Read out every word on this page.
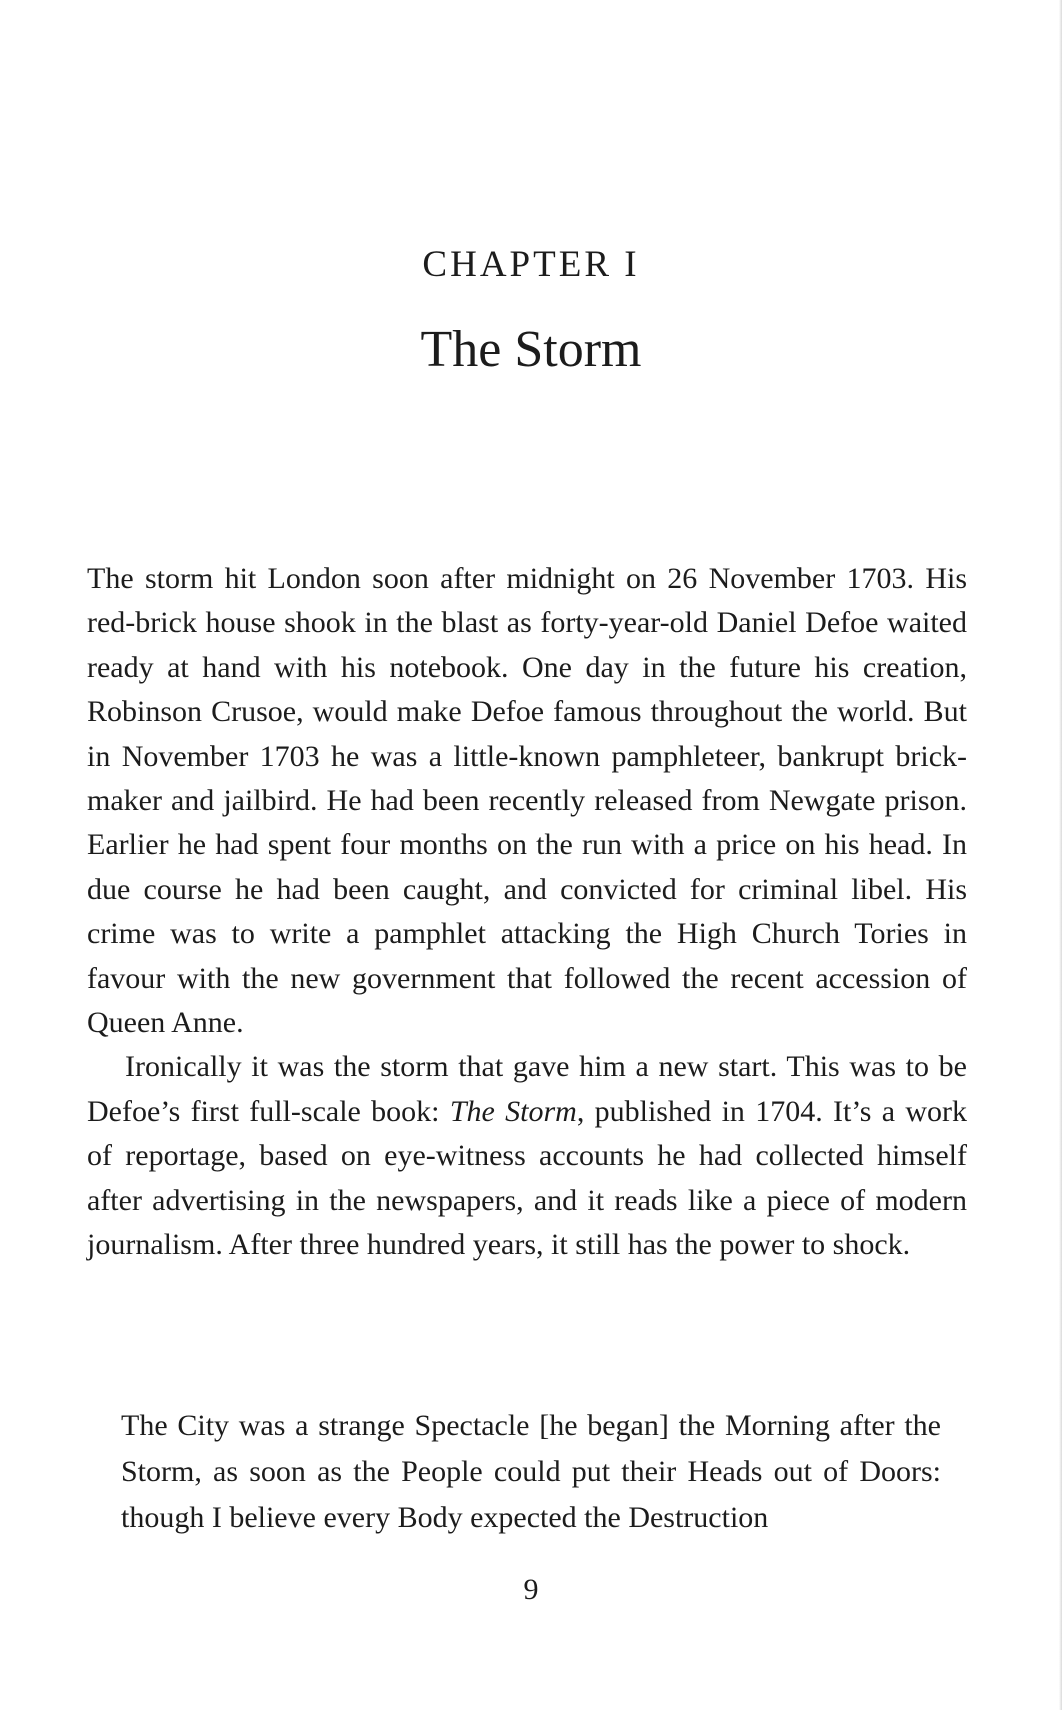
CHAPTER I
The Storm

The storm hit London soon after midnight on 26 November 1703. His red-brick house shook in the blast as forty-year-old Daniel Defoe waited ready at hand with his notebook. One day in the future his creation, Robinson Crusoe, would make Defoe famous throughout the world. But in November 1703 he was a little-known pamphleteer, bankrupt brick-maker and jailbird. He had been recently released from Newgate prison. Earlier he had spent four months on the run with a price on his head. In due course he had been caught, and convicted for criminal libel. His crime was to write a pamphlet attacking the High Church Tories in favour with the new government that followed the recent accession of Queen Anne.

Ironically it was the storm that gave him a new start. This was to be Defoe’s first full-scale book: The Storm, published in 1704. It’s a work of reportage, based on eye-witness accounts he had collected himself after advertising in the newspapers, and it reads like a piece of modern journalism. After three hundred years, it still has the power to shock.

The City was a strange Spectacle [he began] the Morning after the Storm, as soon as the People could put their Heads out of Doors: though I believe every Body expected the Destruction

9
